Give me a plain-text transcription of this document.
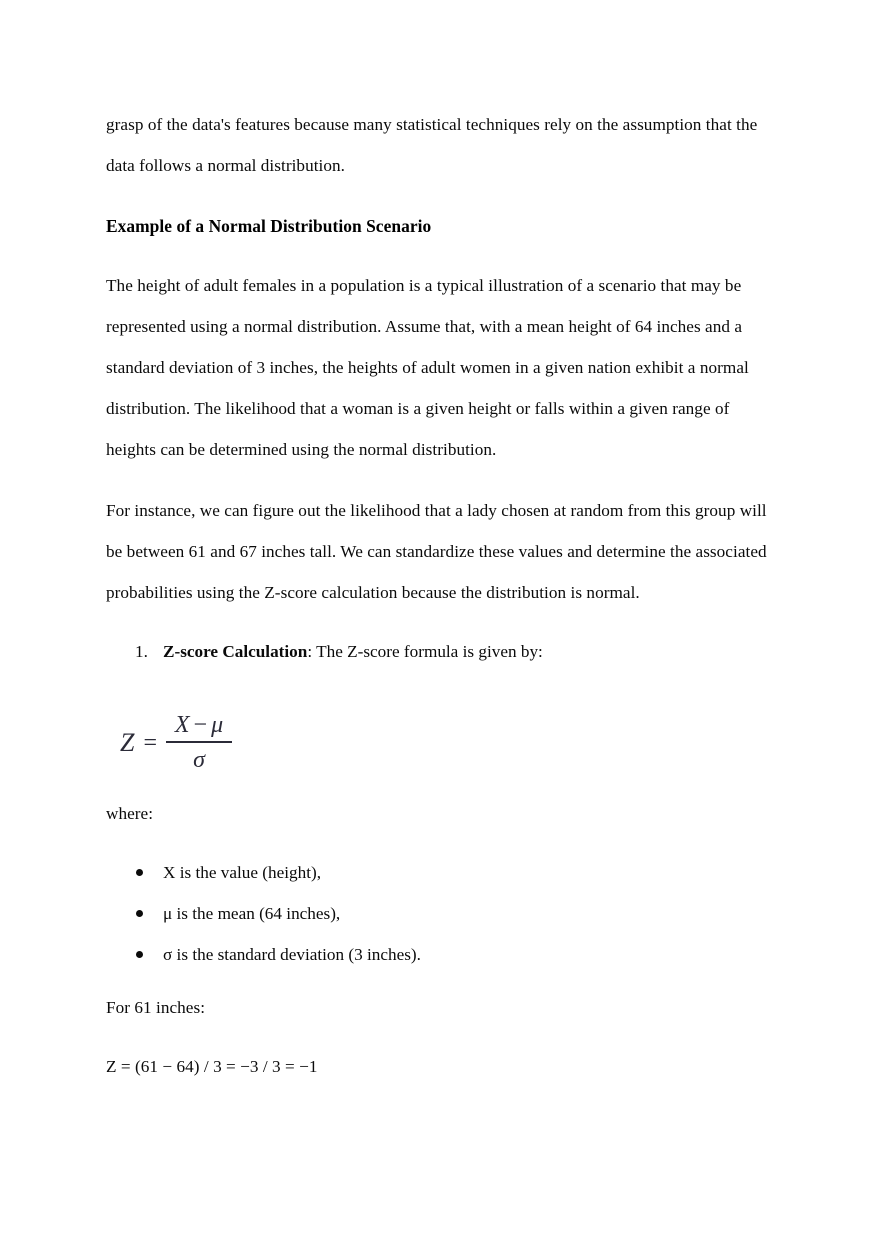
grasp of the data's features because many statistical techniques rely on the assumption that the data follows a normal distribution.

Example of a Normal Distribution Scenario

The height of adult females in a population is a typical illustration of a scenario that may be represented using a normal distribution. Assume that, with a mean height of 64 inches and a standard deviation of 3 inches, the heights of adult women in a given nation exhibit a normal distribution. The likelihood that a woman is a given height or falls within a given range of heights can be determined using the normal distribution.

For instance, we can figure out the likelihood that a lady chosen at random from this group will be between 61 and 67 inches tall. We can standardize these values and determine the associated probabilities using the Z-score calculation because the distribution is normal.

1. Z-score Calculation: The Z-score formula is given by:
$Z = \frac{X - \mu}{\sigma}$

where:

X is the value (height),
μ is the mean (64 inches),
σ is the standard deviation (3 inches).

For 61 inches:

Z = (61 − 64) / 3 = −3 / 3 = −1
